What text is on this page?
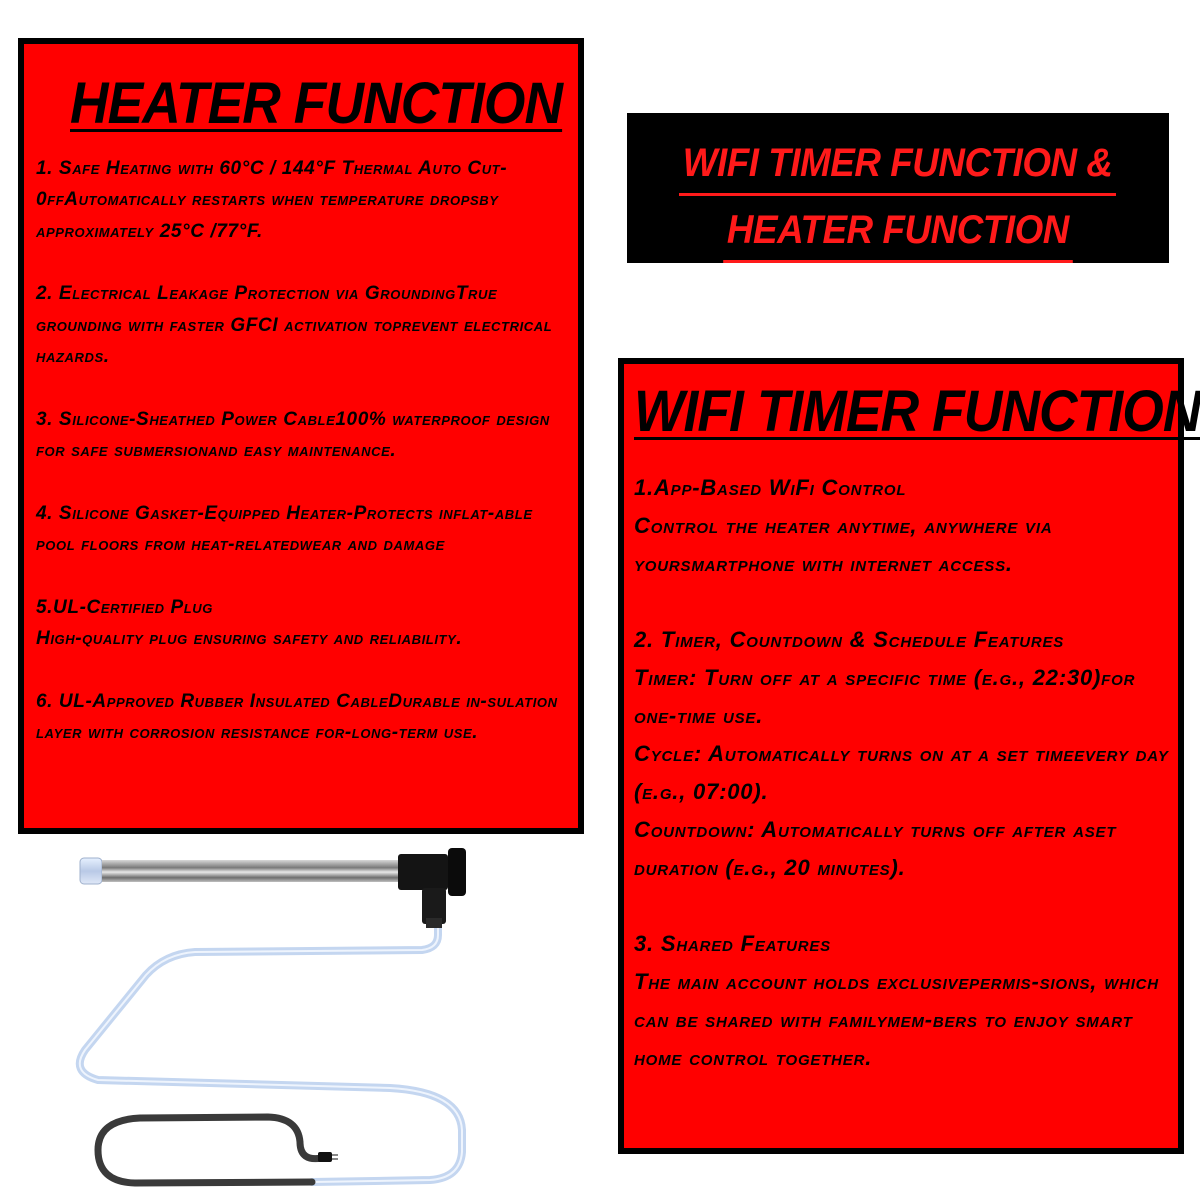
HEATER FUNCTION

1. Safe Heating with 60°C / 144°F Thermal Auto Cut-0ffAutomatically restarts when temperature dropsby approximately 25°C /77°F.

2. Electrical Leakage Protection via GroundingTrue grounding with faster GFCI activation toprevent electrical hazards.

3. Silicone-Sheathed Power Cable100% waterproof design for safe submersionand easy maintenance.

4. Silicone Gasket-Equipped Heater-Protects inflat-able pool floors from heat-relatedwear and damage

5.UL-Certified Plug

High-quality plug ensuring safety and reliability.

6. UL-Approved Rubber Insulated CableDurable in-sulation layer with corrosion resistance for-long-term use.

WIFI TIMER FUNCTION &
HEATER FUNCTION
WIFI TIMER FUNCTION

1.App-Based WiFi Control

Control the heater anytime, anywhere via yoursmartphone with internet access.

2. Timer, Countdown & Schedule Features

Timer: Turn off at a specific time (e.g., 22:30)for one-time use.

Cycle: Automatically turns on at a set timeevery day (e.g., 07:00).

Countdown: Automatically turns off after aset duration (e.g., 20 minutes).

3. Shared Features

The main account holds exclusivepermis-sions, which can be shared with familymem-bers to enjoy smart home control together.
